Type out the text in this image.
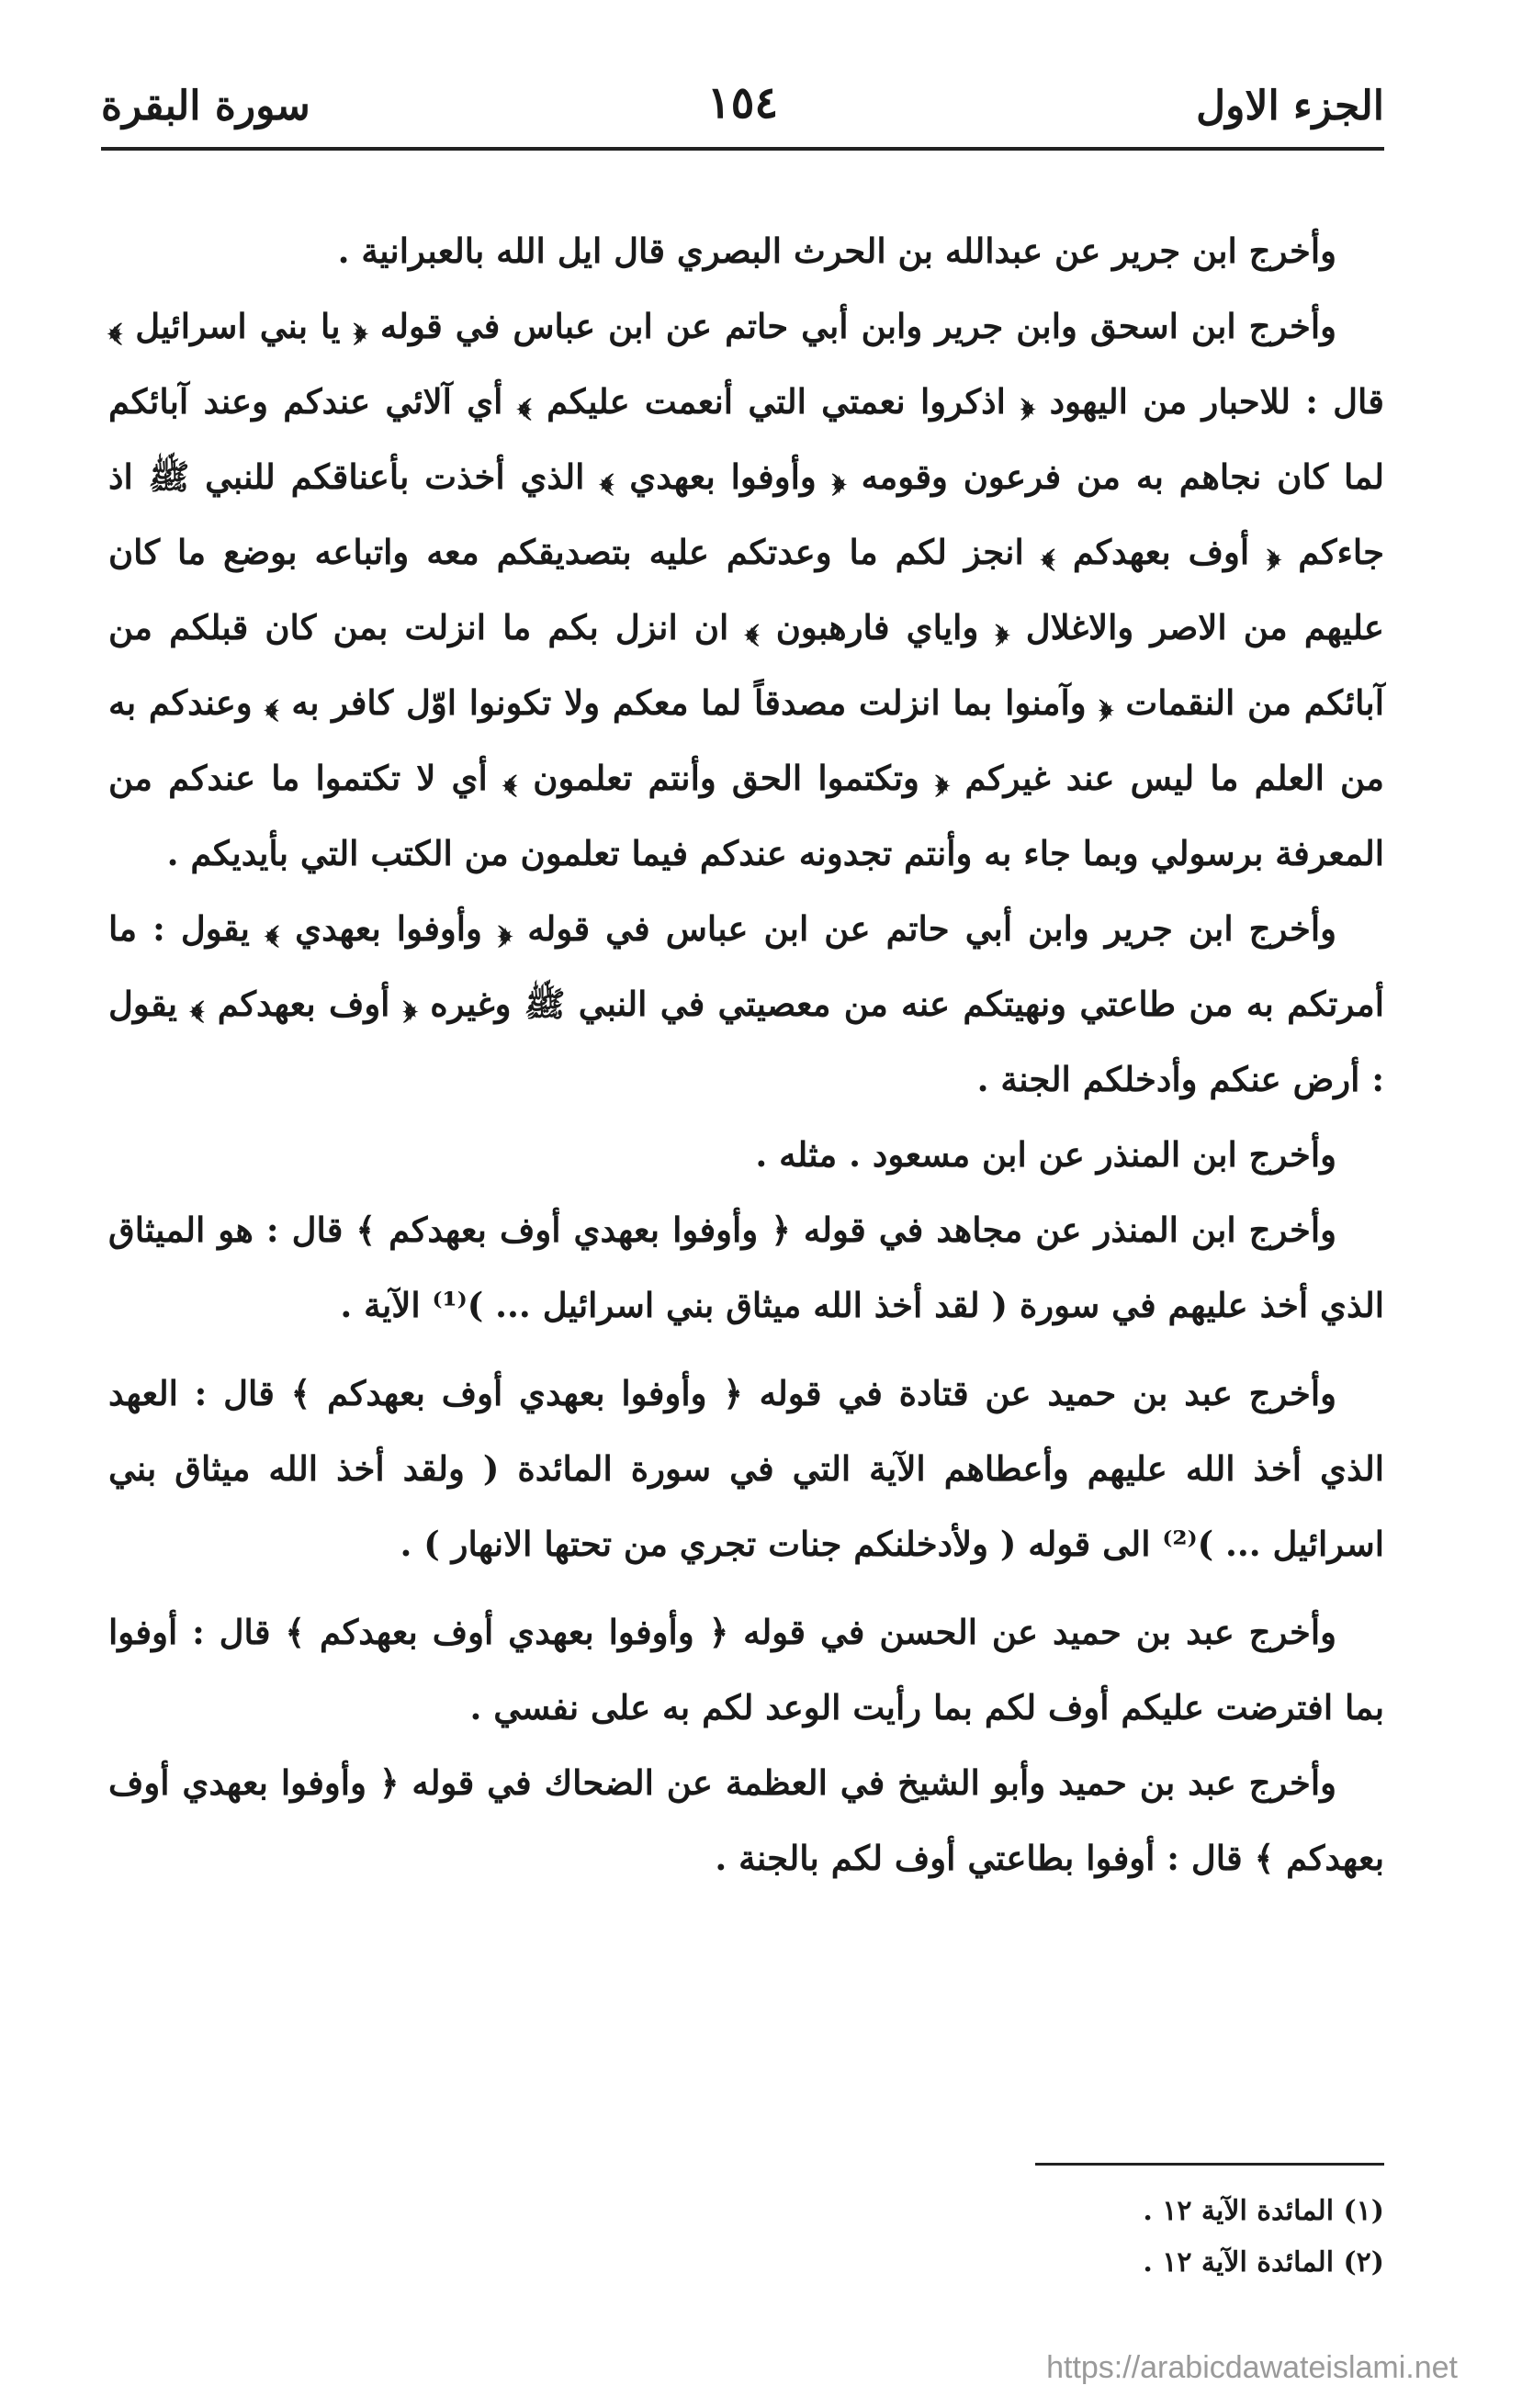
الجزء الاول
١٥٤
سورة البقرة

وأخرج ابن جرير عن عبدالله بن الحرث البصري قال ايل الله بالعبرانية .

وأخرج ابن اسحق وابن جرير وابن أبي حاتم عن ابن عباس في قوله ﴿ يا بني اسرائيل ﴾ قال : للاحبار من اليهود ﴿ اذكروا نعمتي التي أنعمت عليكم ﴾ أي آلائي عندكم وعند آبائكم لما كان نجاهم به من فرعون وقومه ﴿ وأوفوا بعهدي ﴾ الذي أخذت بأعناقكم للنبي ﷺ اذ جاءكم ﴿ أوف بعهدكم ﴾ انجز لكم ما وعدتكم عليه بتصديقكم معه واتباعه بوضع ما كان عليهم من الاصر والاغلال ﴿ واياي فارهبون ﴾ ان انزل بكم ما انزلت بمن كان قبلكم من آبائكم من النقمات ﴿ وآمنوا بما انزلت مصدقاً لما معكم ولا تكونوا اوّل كافر به ﴾ وعندكم به من العلم ما ليس عند غيركم ﴿ وتكتموا الحق وأنتم تعلمون ﴾ أي لا تكتموا ما عندكم من المعرفة برسولي وبما جاء به وأنتم تجدونه عندكم فيما تعلمون من الكتب التي بأيديكم .

وأخرج ابن جرير وابن أبي حاتم عن ابن عباس في قوله ﴿ وأوفوا بعهدي ﴾ يقول : ما أمرتكم به من طاعتي ونهيتكم عنه من معصيتي في النبي ﷺ وغيره ﴿ أوف بعهدكم ﴾ يقول : أرض عنكم وأدخلكم الجنة .

وأخرج ابن المنذر عن ابن مسعود . مثله .

وأخرج ابن المنذر عن مجاهد في قوله ﴿ وأوفوا بعهدي أوف بعهدكم ﴾ قال : هو الميثاق الذي أخذ عليهم في سورة ( لقد أخذ الله ميثاق بني اسرائيل ... )⁽¹⁾ الآية .

وأخرج عبد بن حميد عن قتادة في قوله ﴿ وأوفوا بعهدي أوف بعهدكم ﴾ قال : العهد الذي أخذ الله عليهم وأعطاهم الآية التي في سورة المائدة ( ولقد أخذ الله ميثاق بني اسرائيل ... )⁽²⁾ الى قوله ( ولأدخلنكم جنات تجري من تحتها الانهار ) .

وأخرج عبد بن حميد عن الحسن في قوله ﴿ وأوفوا بعهدي أوف بعهدكم ﴾ قال : أوفوا بما افترضت عليكم أوف لكم بما رأيت الوعد لكم به على نفسي .

وأخرج عبد بن حميد وأبو الشيخ في العظمة عن الضحاك في قوله ﴿ وأوفوا بعهدي أوف بعهدكم ﴾ قال : أوفوا بطاعتي أوف لكم بالجنة .

(١) المائدة الآية ١٢ .
(٢) المائدة الآية ١٢ .
https://arabicdawateislami.net
